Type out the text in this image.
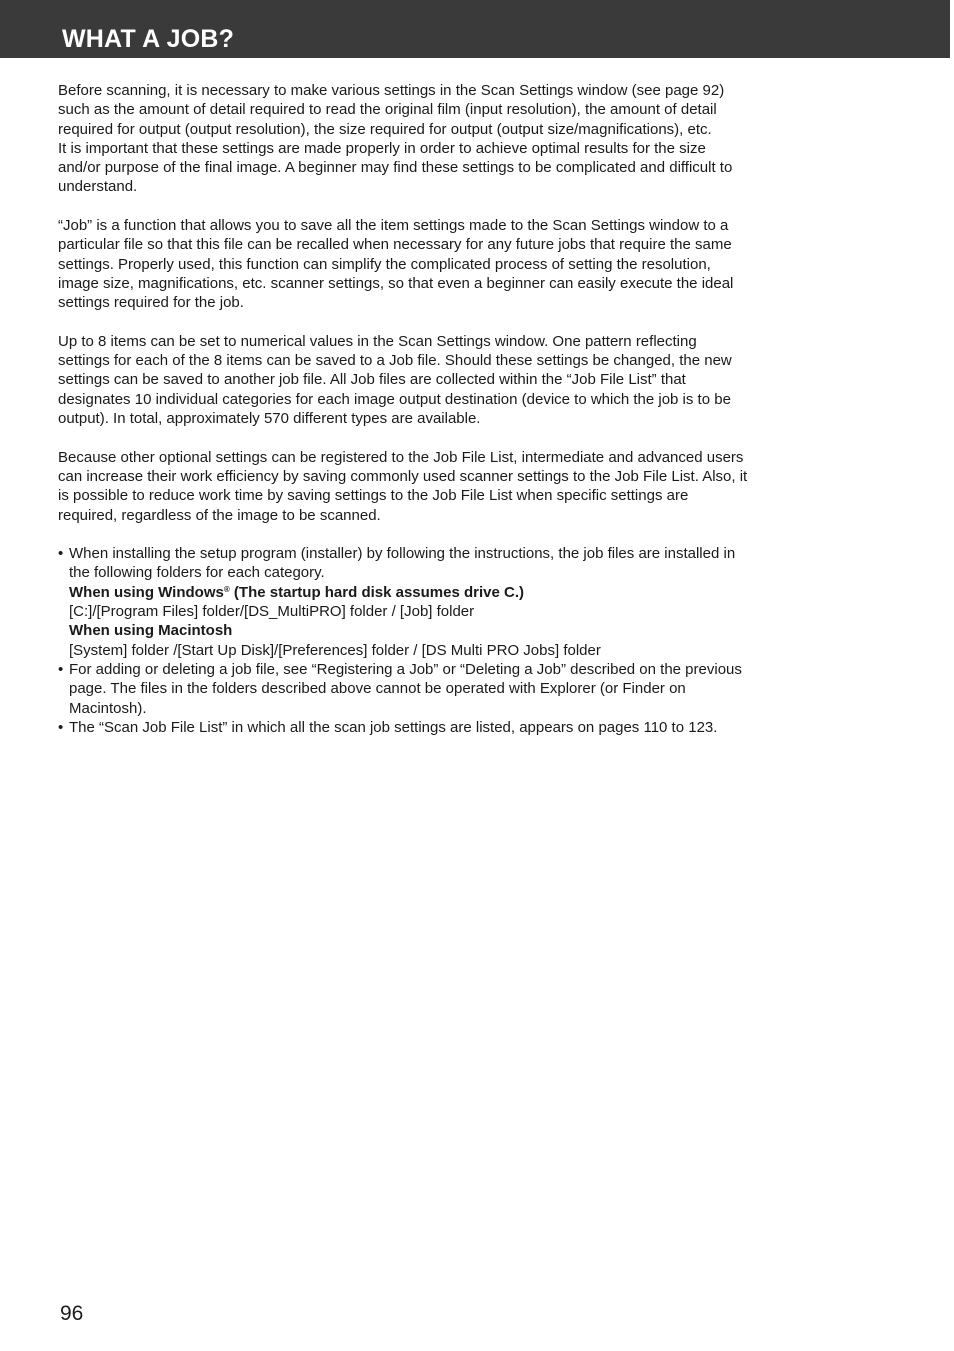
WHAT A JOB?

Before scanning, it is necessary to make various settings in the Scan Settings window (see page 92) such as the amount of detail required to read the original film (input resolution), the amount of detail required for output (output resolution), the size required for output (output size/magnifications), etc.

It is important that these settings are made properly in order to achieve optimal results for the size and/or purpose of the final image. A beginner may find these settings to be complicated and difficult to understand.

“Job” is a function that allows you to save all the item settings made to the Scan Settings window to a particular file so that this file can be recalled when necessary for any future jobs that require the same settings. Properly used, this function can simplify the complicated process of setting the resolution, image size, magnifications, etc. scanner settings, so that even a beginner can easily execute the ideal settings required for the job.

Up to 8 items can be set to numerical values in the Scan Settings window. One pattern reflecting settings for each of the 8 items can be saved to a Job file. Should these settings be changed, the new settings can be saved to another job file. All Job files are collected within the “Job File List” that designates 10 individual categories for each image output destination (device to which the job is to be output). In total, approximately 570 different types are available.

Because other optional settings can be registered to the Job File List, intermediate and advanced users can increase their work efficiency by saving commonly used scanner settings to the Job File List. Also, it is possible to reduce work time by saving settings to the Job File List when specific settings are required, regardless of the image to be scanned.

• When installing the setup program (installer) by following the instructions, the job files are installed in the following folders for each category.
When using Windows® (The startup hard disk assumes drive C.)
[C:]/[Program Files] folder/[DS_MultiPRO] folder / [Job] folder
When using Macintosh
[System] folder /[Start Up Disk]/[Preferences] folder / [DS Multi PRO Jobs] folder
• For adding or deleting a job file, see “Registering a Job” or “Deleting a Job” described on the previous page. The files in the folders described above cannot be operated with Explorer (or Finder on Macintosh).
• The “Scan Job File List” in which all the scan job settings are listed, appears on pages 110 to 123.
96
